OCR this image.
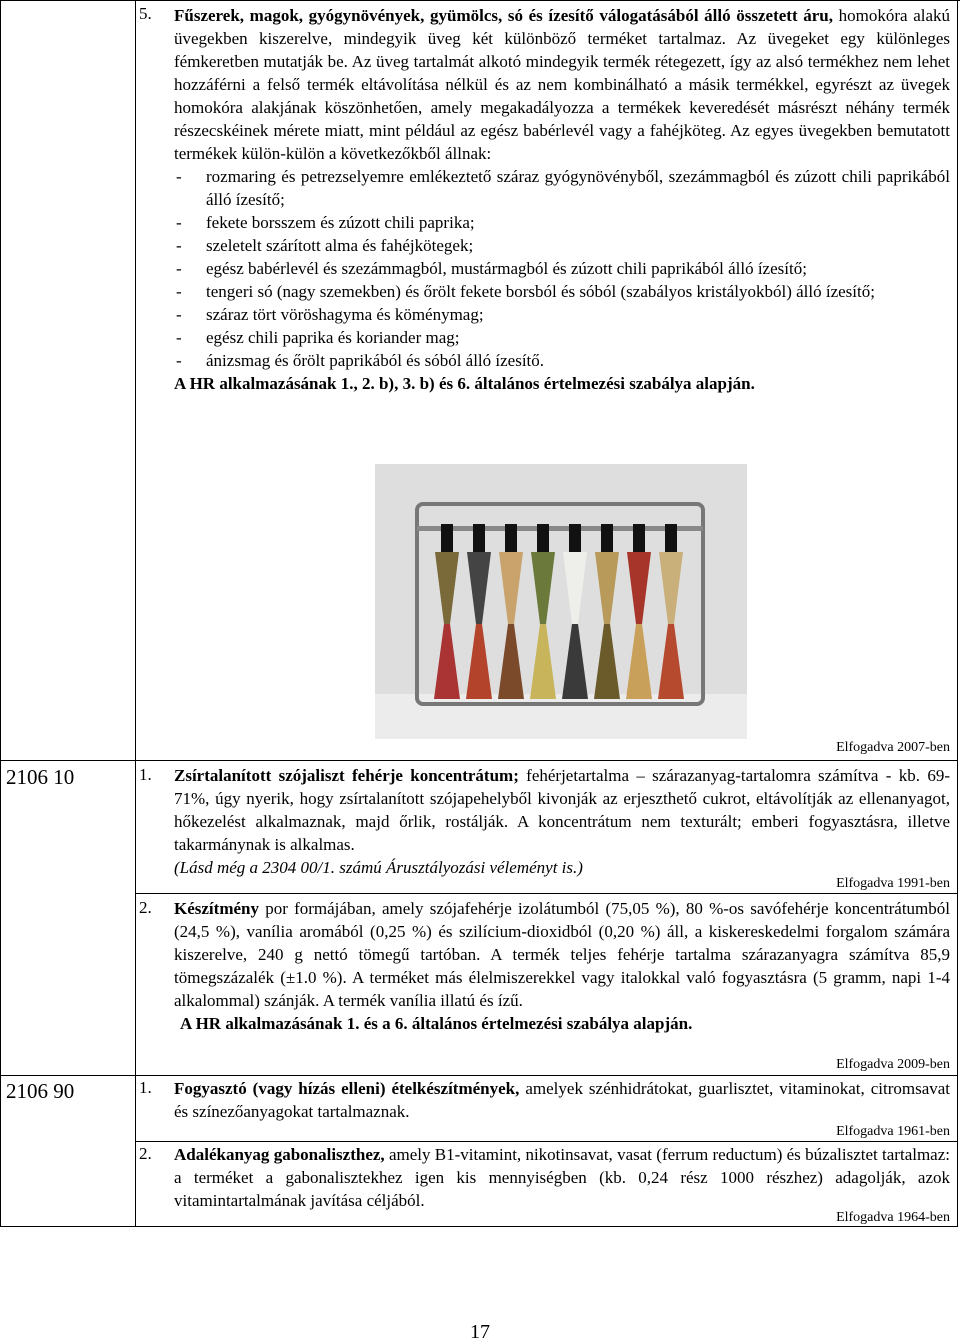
5. Fűszerek, magok, gyógynövények, gyümölcs, só és ízesítő válogatásából álló összetett áru, homokóra alakú üvegekben kiszerelve, mindegyik üveg két különböző terméket tartalmaz. Az üvegeket egy különleges fémkeretben mutatják be. Az üveg tartalmát alkotó mindegyik termék rétegezett, így az alsó termékhez nem lehet hozzáférni a felső termék eltávolítása nélkül és az nem kombinálható a másik termékkel, egyrészt az üvegek homokóra alakjának köszönhetően, amely megakadályozza a termékek keveredését másrészt néhány termék részecskéinek mérete miatt, mint például az egész babérlevél vagy a fahéjköteg. Az egyes üvegekben bemutatott termékek külön-külön a következőkből állnak:

- rozmaring és petrezselyemre emlékeztető száraz gyógynövényből, szezámmagból és zúzott chili paprikából álló ízesítő;
- fekete borsszem és zúzott chili paprika;
- szeletelt szárított alma és fahéjkötegek;
- egész babérlevél és szezámmagból, mustármagból és zúzott chili paprikából álló ízesítő;
- tengeri só (nagy szemekben) és őrölt fekete borsból és sóból (szabályos kristályokból) álló ízesítő;
- száraz tört vöröshagyma és köménymag;
- egész chili paprika és koriander mag;
- ánizsmag és őrölt paprikából és sóból álló ízesítő.

A HR alkalmazásának 1., 2. b), 3. b) és 6. általános értelmezési szabálya alapján.

Elfogadva 2007-ben
2106 10	1. Zsírtalanított szójaliszt fehérje koncentrátum; fehérjetartalma – szárazanyag-tartalomra számítva - kb. 69-71%, úgy nyerik, hogy zsírtalanított szójapehelyből kivonják az erjeszthető cukrot, eltávolítják az ellenanyagot, hőkezelést alkalmaznak, majd őrlik, rostálják. A koncentrátum nem texturált; emberi fogyasztásra, illetve takarmánynak is alkalmas.

(Lásd még a 2304 00/1. számú Árusztályozási véleményt is.)

Elfogadva 1991-ben
2. Készítmény por formájában, amely szójafehérje izolátumból (75,05 %), 80 %-os savófehérje koncentrátumból (24,5 %), vanília aromából (0,25 %) és szilícium-dioxidból (0,20 %) áll, a kiskereskedelmi forgalom számára kiszerelve, 240 g nettó tömegű tartóban. A termék teljes fehérje tartalma szárazanyagra számítva 85,9 tömegszázalék (±1.0 %). A terméket más élelmiszerekkel vagy italokkal való fogyasztásra (5 gramm, napi 1-4 alkalommal) szánják. A termék vanília illatú és ízű.

A HR alkalmazásának 1. és a 6. általános értelmezési szabálya alapján.

Elfogadva 2009-ben
2106 90	1. Fogyasztó (vagy hízás elleni) ételkészítmények, amelyek szénhidrátokat, guarlisztet, vitaminokat, citromsavat és színezőanyagokat tartalmaznak.

Elfogadva 1961-ben
2. Adalékanyag gabonaliszthez, amely B1-vitamint, nikotinsavat, vasat (ferrum reductum) és búzalisztet tartalmaz: a terméket a gabonalisztekhez igen kis mennyiségben (kb. 0,24 rész 1000 részhez) adagolják, azok vitamintartalmának javítása céljából.

Elfogadva 1964-ben
17
